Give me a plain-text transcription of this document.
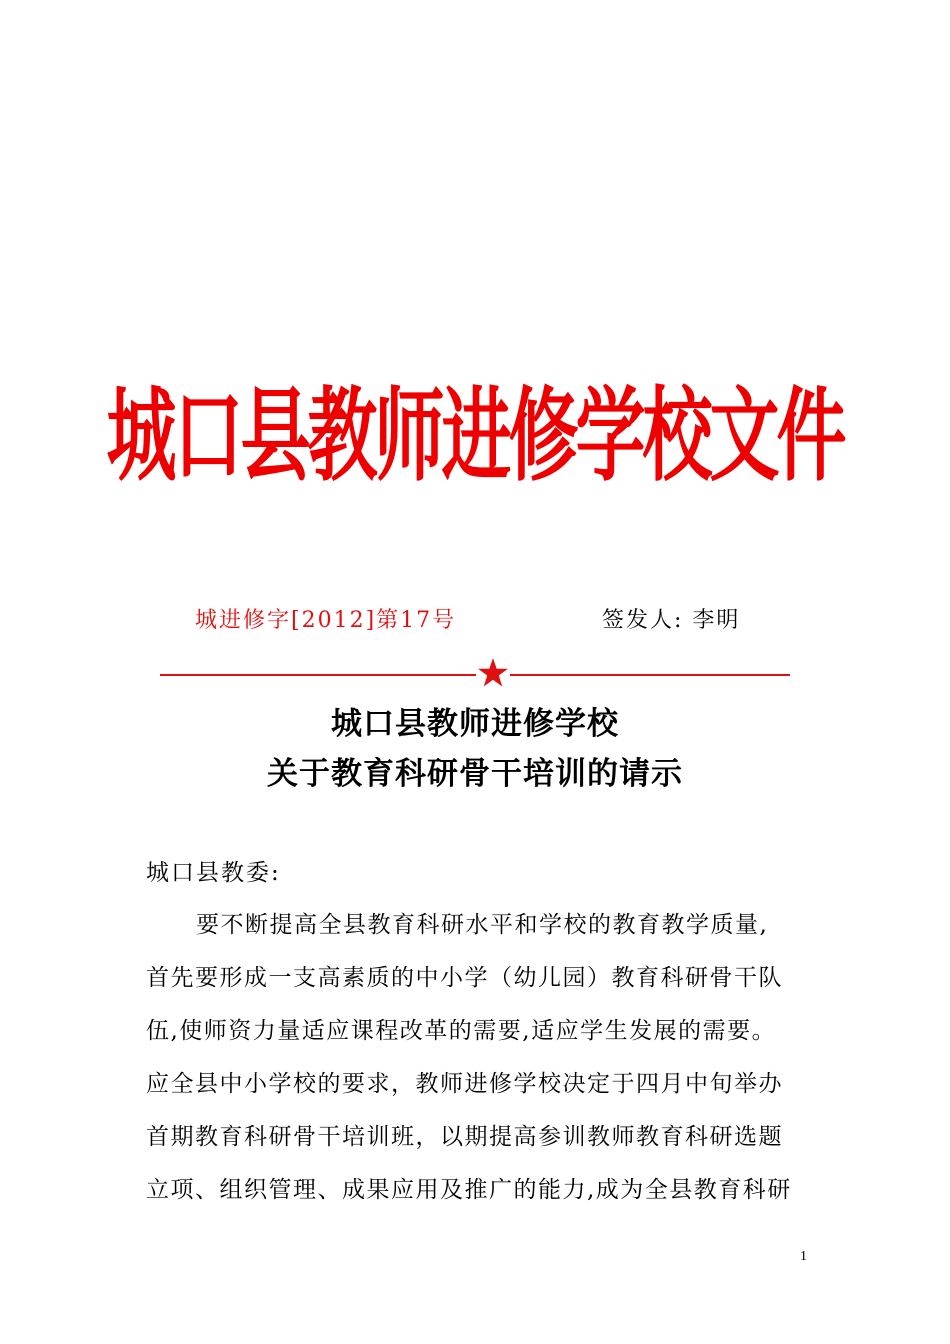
城口县教师进修学校文件
城进修字[2012]第17号	签发人: 李明
城口县教师进修学校
关于教育科研骨干培训的请示
城口县教委:
要不断提高全县教育科研水平和学校的教育教学质量,
首先要形成一支高素质的中小学（幼儿园）教育科研骨干队
伍,使师资力量适应课程改革的需要,适应学生发展的需要。
应全县中小学校的要求，教师进修学校决定于四月中旬举办
首期教育科研骨干培训班，以期提高参训教师教育科研选题
立项、组织管理、成果应用及推广的能力,成为全县教育科研
1
